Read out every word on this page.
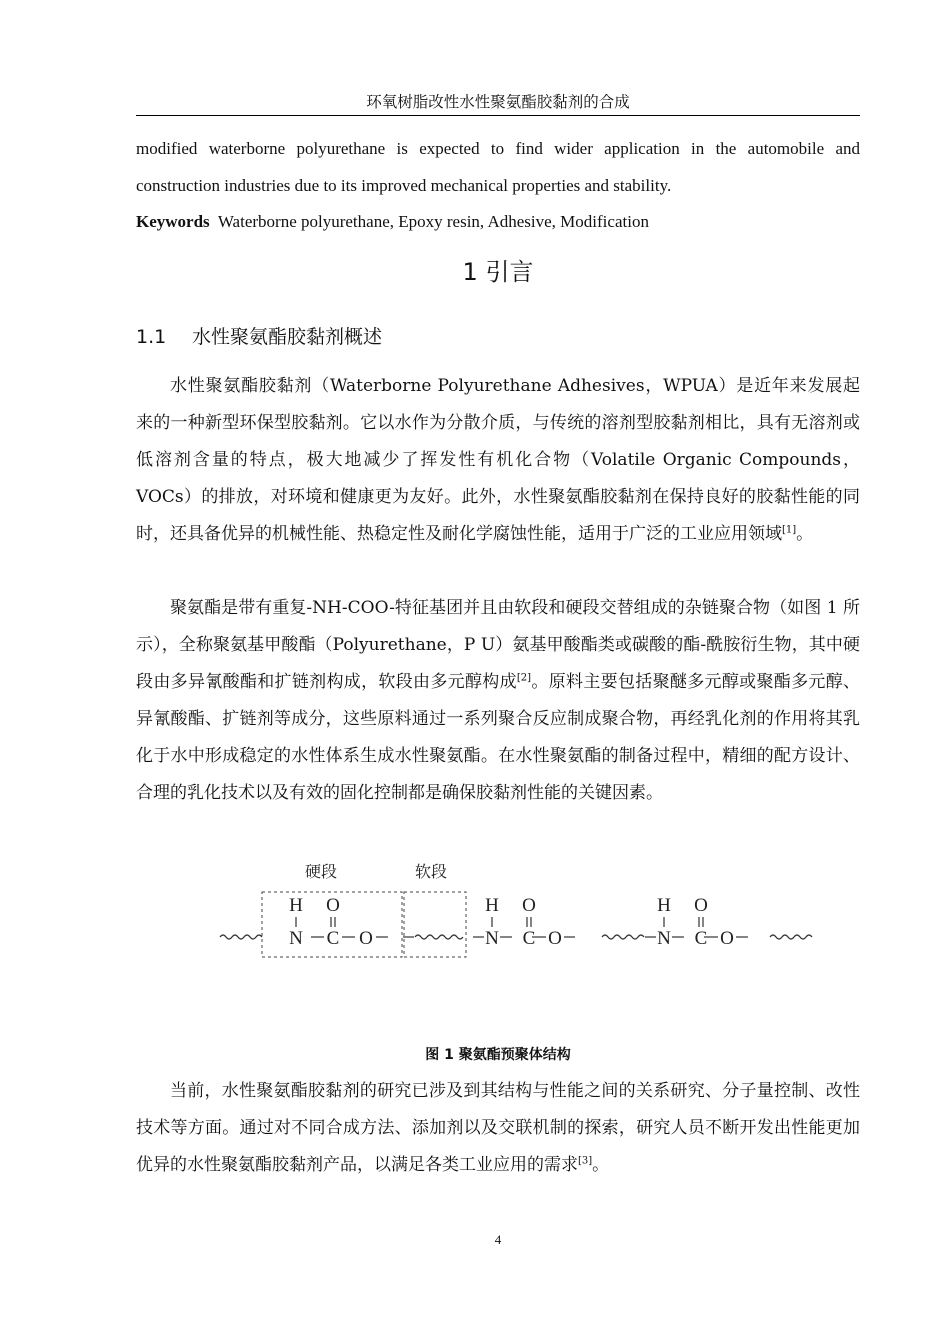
环氧树脂改性水性聚氨酯胶黏剂的合成

modified waterborne polyurethane is expected to find wider application in the automobile and construction industries due to its improved mechanical properties and stability.

Keywords Waterborne polyurethane, Epoxy resin, Adhesive, Modification

1 引言
1.1 水性聚氨酯胶黏剂概述

水性聚氨酯胶黏剂（Waterborne Polyurethane Adhesives，WPUA）是近年来发展起来的一种新型环保型胶黏剂。它以水作为分散介质，与传统的溶剂型胶黏剂相比，具有无溶剂或低溶剂含量的特点，极大地减少了挥发性有机化合物（Volatile Organic Compounds，VOCs）的排放，对环境和健康更为友好。此外，水性聚氨酯胶黏剂在保持良好的胶黏性能的同时，还具备优异的机械性能、热稳定性及耐化学腐蚀性能，适用于广泛的工业应用领域[1]。

聚氨酯是带有重复-NH-COO-特征基团并且由软段和硬段交替组成的杂链聚合物（如图 1 所示），全称聚氨基甲酸酯（Polyurethane，P U）氨基甲酸酯类或碳酸的酯-酰胺衍生物，其中硬段由多异氰酸酯和扩链剂构成，软段由多元醇构成[2]。原料主要包括聚醚多元醇或聚酯多元醇、异氰酸酯、扩链剂等成分，这些原料通过一系列聚合反应制成聚合物，再经乳化剂的作用将其乳化于水中形成稳定的水性体系生成水性聚氨酯。在水性聚氨酯的制备过程中，精细的配方设计、合理的乳化技术以及有效的固化控制都是确保胶黏剂性能的关键因素。

硬段	软段
H O
N C O
H O
N C O
H O
N C O
图 1 聚氨酯预聚体结构

当前，水性聚氨酯胶黏剂的研究已涉及到其结构与性能之间的关系研究、分子量控制、改性技术等方面。通过对不同合成方法、添加剂以及交联机制的探索，研究人员不断开发出性能更加优异的水性聚氨酯胶黏剂产品，以满足各类工业应用的需求[3]。

4
